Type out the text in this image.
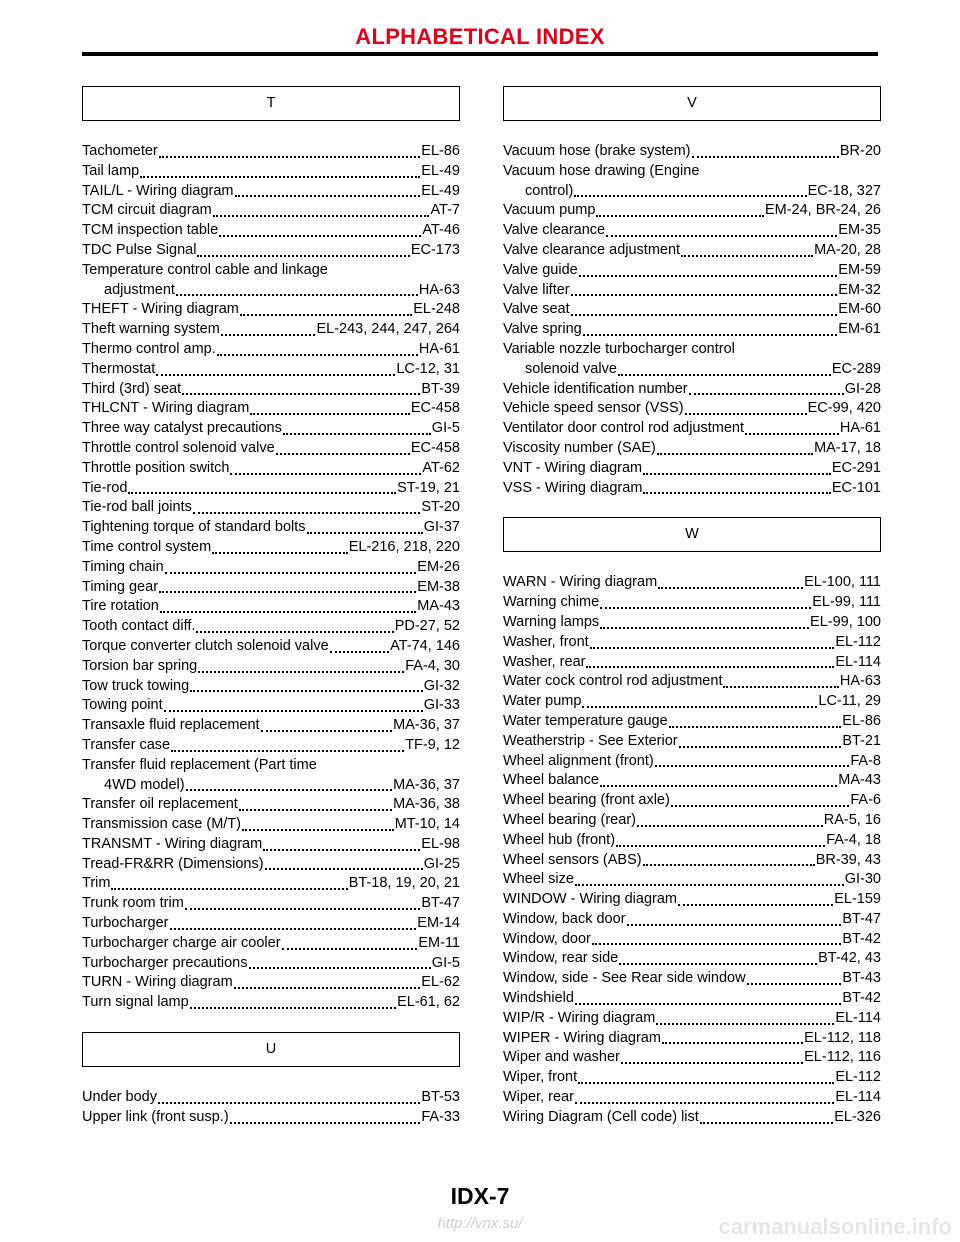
ALPHABETICAL INDEX
T
Tachometer	EL-86
Tail lamp	EL-49
TAIL/L - Wiring diagram	EL-49
TCM circuit diagram	AT-7
TCM inspection table	AT-46
TDC Pulse Signal	EC-173
Temperature control cable and linkage
adjustment	HA-63
THEFT - Wiring diagram	EL-248
Theft warning system	EL-243, 244, 247, 264
Thermo control amp.	HA-61
Thermostat	LC-12, 31
Third (3rd) seat	BT-39
THLCNT - Wiring diagram	EC-458
Three way catalyst precautions	GI-5
Throttle control solenoid valve	EC-458
Throttle position switch	AT-62
Tie-rod	ST-19, 21
Tie-rod ball joints	ST-20
Tightening torque of standard bolts	GI-37
Time control system	EL-216, 218, 220
Timing chain	EM-26
Timing gear	EM-38
Tire rotation	MA-43
Tooth contact diff.	PD-27, 52
Torque converter clutch solenoid valve	AT-74, 146
Torsion bar spring	FA-4, 30
Tow truck towing	GI-32
Towing point	GI-33
Transaxle fluid replacement	MA-36, 37
Transfer case	TF-9, 12
Transfer fluid replacement (Part time
4WD model)	MA-36, 37
Transfer oil replacement	MA-36, 38
Transmission case (M/T)	MT-10, 14
TRANSMT - Wiring diagram	EL-98
Tread-FR&RR (Dimensions)	GI-25
Trim	BT-18, 19, 20, 21
Trunk room trim	BT-47
Turbocharger	EM-14
Turbocharger charge air cooler	EM-11
Turbocharger precautions	GI-5
TURN - Wiring diagram	EL-62
Turn signal lamp	EL-61, 62
U
Under body	BT-53
Upper link (front susp.)	FA-33
V
Vacuum hose (brake system)	BR-20
Vacuum hose drawing (Engine
control)	EC-18, 327
Vacuum pump	EM-24, BR-24, 26
Valve clearance	EM-35
Valve clearance adjustment	MA-20, 28
Valve guide	EM-59
Valve lifter	EM-32
Valve seat	EM-60
Valve spring	EM-61
Variable nozzle turbocharger control
solenoid valve	EC-289
Vehicle identification number	GI-28
Vehicle speed sensor (VSS)	EC-99, 420
Ventilator door control rod adjustment	HA-61
Viscosity number (SAE)	MA-17, 18
VNT - Wiring diagram	EC-291
VSS - Wiring diagram	EC-101
W
WARN - Wiring diagram	EL-100, 111
Warning chime	EL-99, 111
Warning lamps	EL-99, 100
Washer, front	EL-112
Washer, rear	EL-114
Water cock control rod adjustment	HA-63
Water pump	LC-11, 29
Water temperature gauge	EL-86
Weatherstrip - See Exterior	BT-21
Wheel alignment (front)	FA-8
Wheel balance	MA-43
Wheel bearing (front axle)	FA-6
Wheel bearing (rear)	RA-5, 16
Wheel hub (front)	FA-4, 18
Wheel sensors (ABS)	BR-39, 43
Wheel size	GI-30
WINDOW - Wiring diagram	EL-159
Window, back door	BT-47
Window, door	BT-42
Window, rear side	BT-42, 43
Window, side - See Rear side window	BT-43
Windshield	BT-42
WIP/R - Wiring diagram	EL-114
WIPER - Wiring diagram	EL-112, 118
Wiper and washer	EL-112, 116
Wiper, front	EL-112
Wiper, rear	EL-114
Wiring Diagram (Cell code) list	EL-326
IDX-7
http://vnx.su/	carmanualsonline.info
